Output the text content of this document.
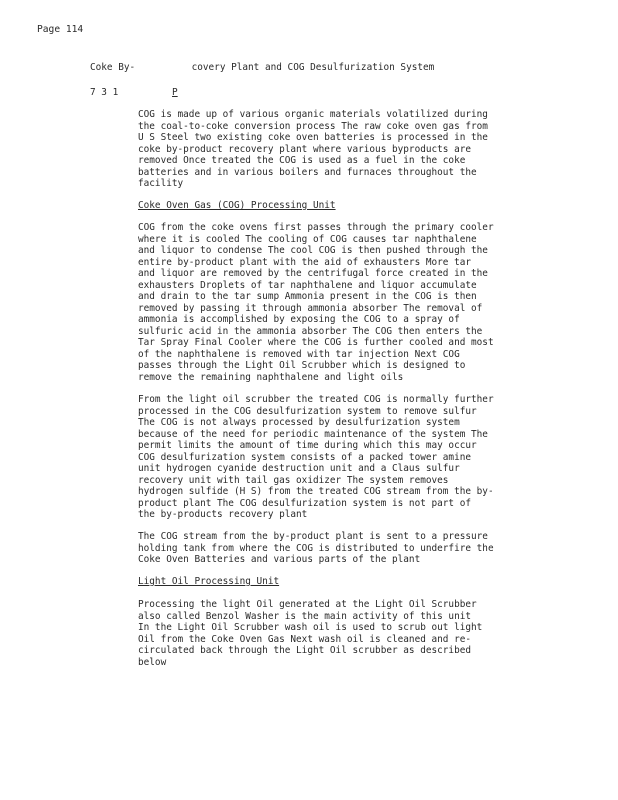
Page 114
Coke By-          covery Plant and COG Desulfurization System
7 3 1	P

COG is made up of various organic materials volatilized during
the coal-to-coke conversion process The raw coke oven gas from
U S Steel two existing coke oven batteries is processed in the
coke by-product recovery plant where various byproducts are
removed Once treated the COG is used as a fuel in the coke
batteries and in various boilers and furnaces throughout the
facility

Coke Oven Gas (COG) Processing Unit

COG from the coke ovens first passes through the primary cooler
where it is cooled The cooling of COG causes tar naphthalene
and liquor to condense The cool COG is then pushed through the
entire by-product plant with the aid of exhausters More tar
and liquor are removed by the centrifugal force created in the
exhausters Droplets of tar naphthalene and liquor accumulate
and drain to the tar sump Ammonia present in the COG is then
removed by passing it through ammonia absorber The removal of
ammonia is accomplished by exposing the COG to a spray of
sulfuric acid in the ammonia absorber The COG then enters the
Tar Spray Final Cooler where the COG is further cooled and most
of the naphthalene is removed with tar injection Next COG
passes through the Light Oil Scrubber which is designed to
remove the remaining naphthalene and light oils

From the light oil scrubber the treated COG is normally further
processed in the COG desulfurization system to remove sulfur
The COG is not always processed by desulfurization system
because of the need for periodic maintenance of the system The
permit limits the amount of time during which this may occur
COG desulfurization system consists of a packed tower amine
unit hydrogen cyanide destruction unit and a Claus sulfur
recovery unit with tail gas oxidizer The system removes
hydrogen sulfide (H S) from the treated COG stream from the by-
product plant The COG desulfurization system is not part of
the by-products recovery plant

The COG stream from the by-product plant is sent to a pressure
holding tank from where the COG is distributed to underfire the
Coke Oven Batteries and various parts of the plant

Light Oil Processing Unit

Processing the light Oil generated at the Light Oil Scrubber
also called Benzol Washer is the main activity of this unit
In the Light Oil Scrubber wash oil is used to scrub out light
Oil from the Coke Oven Gas Next wash oil is cleaned and re-
circulated back through the Light Oil scrubber as described
below
